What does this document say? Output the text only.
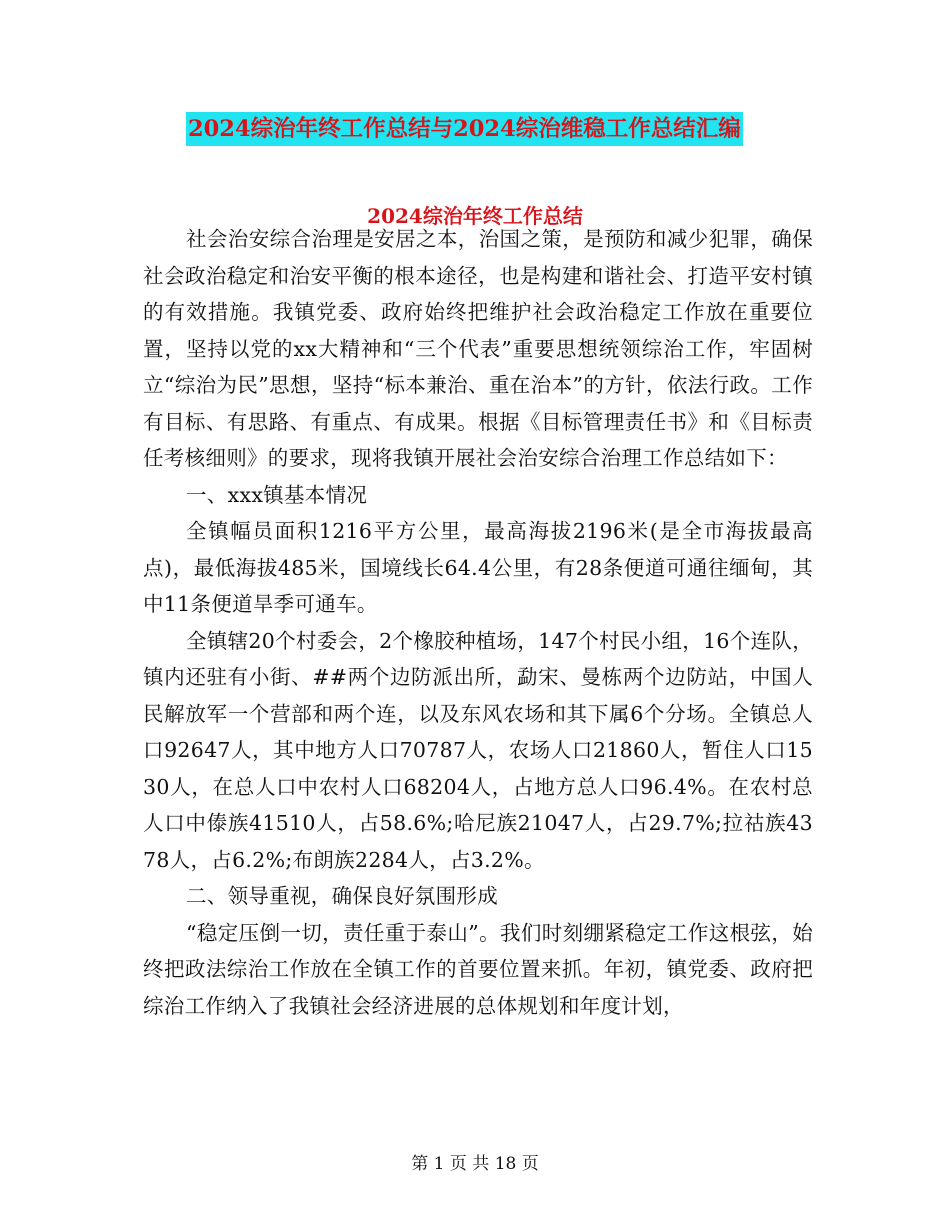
2024综治年终工作总结与2024综治维稳工作总结汇编
2024综治年终工作总结

社会治安综合治理是安居之本，治国之策，是预防和减少犯罪，确保社会政治稳定和治安平衡的根本途径，也是构建和谐社会、打造平安村镇的有效措施。我镇党委、政府始终把维护社会政治稳定工作放在重要位置，坚持以党的xx大精神和“三个代表”重要思想统领综治工作，牢固树立“综治为民”思想，坚持“标本兼治、重在治本”的方针，依法行政。工作有目标、有思路、有重点、有成果。根据《目标管理责任书》和《目标责任考核细则》的要求，现将我镇开展社会治安综合治理工作总结如下：

一、xxx镇基本情况

全镇幅员面积1216平方公里，最高海拔2196米(是全市海拔最高点)，最低海拔485米，国境线长64.4公里，有28条便道可通往缅甸，其中11条便道旱季可通车。

全镇辖20个村委会，2个橡胶种植场，147个村民小组，16个连队，镇内还驻有小街、##两个边防派出所，勐宋、曼栋两个边防站，中国人民解放军一个营部和两个连，以及东风农场和其下属6个分场。全镇总人口92647人，其中地方人口70787人，农场人口21860人，暂住人口1530人，在总人口中农村人口68204人，占地方总人口96.4%。在农村总人口中傣族41510人，占58.6%;哈尼族21047人，占29.7%;拉祜族4378人，占6.2%;布朗族2284人，占3.2%。

二、领导重视，确保良好氛围形成

“稳定压倒一切，责任重于泰山”。我们时刻绷紧稳定工作这根弦，始终把政法综治工作放在全镇工作的首要位置来抓。年初，镇党委、政府把综治工作纳入了我镇社会经济进展的总体规划和年度计划，

第 1 页 共 18 页
